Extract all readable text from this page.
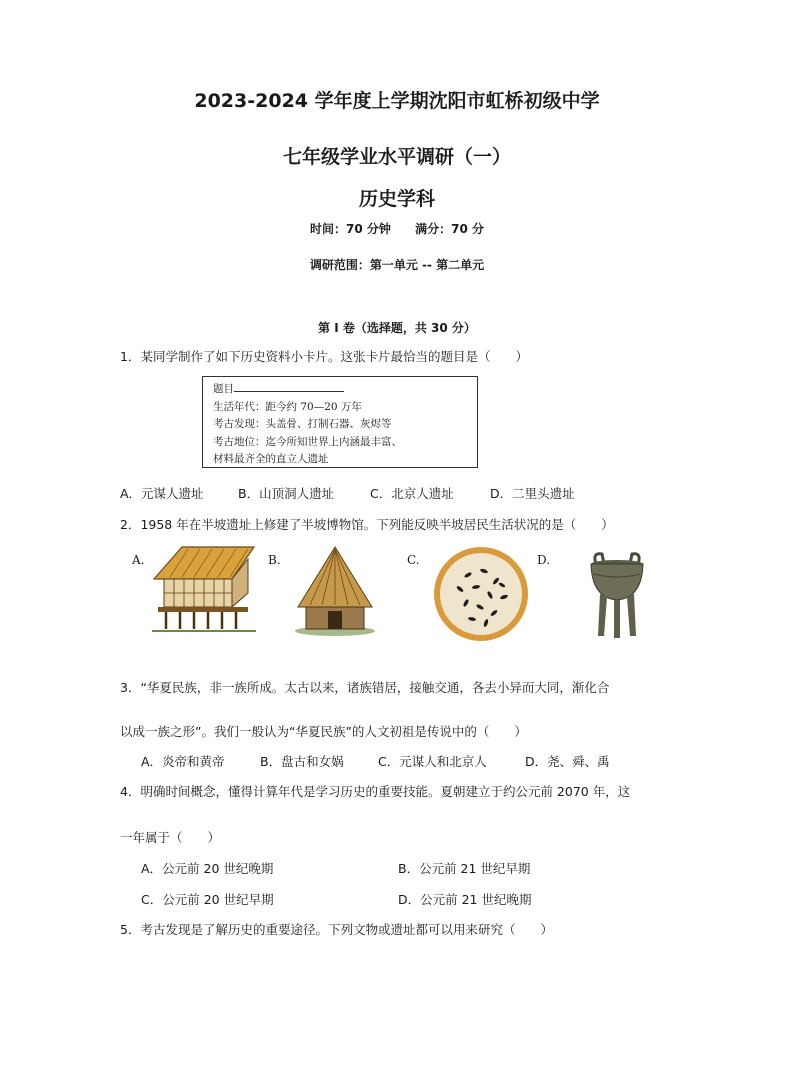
2023-2024 学年度上学期沈阳市虹桥初级中学
七年级学业水平调研（一）
历史学科
时间：70 分钟 满分：70 分
调研范围：第一单元 -- 第二单元
第 I 卷（选择题，共 30 分）
1．某同学制作了如下历史资料小卡片。这张卡片最恰当的题目是（　　）
题目
生活年代：距今约 70—20 万年
考古发现：头盖骨、打制石器、灰烬等
考古地位：迄今所知世界上内涵最丰富、
材料最齐全的直立人遗址
A．元谋人遗址	B．山顶洞人遗址	C．北京人遗址	D．二里头遗址
2．1958 年在半坡遗址上修建了半坡博物馆。下列能反映半坡居民生活状况的是（　　）
A.	B.	C.	D.
3．“华夏民族，非一族所成。太古以来，诸族错居，接触交通，各去小异而大同，渐化合
以成一族之形”。我们一般认为“华夏民族”的人文初祖是传说中的（　　）
A．炎帝和黄帝	B．盘古和女娲	C．元谋人和北京人	D．尧、舜、禹
4．明确时间概念，懂得计算年代是学习历史的重要技能。夏朝建立于约公元前 2070 年，这
一年属于（　　）
A．公元前 20 世纪晚期	B．公元前 21 世纪早期
C．公元前 20 世纪早期	D．公元前 21 世纪晚期
5．考古发现是了解历史的重要途径。下列文物或遗址都可以用来研究（　　）
